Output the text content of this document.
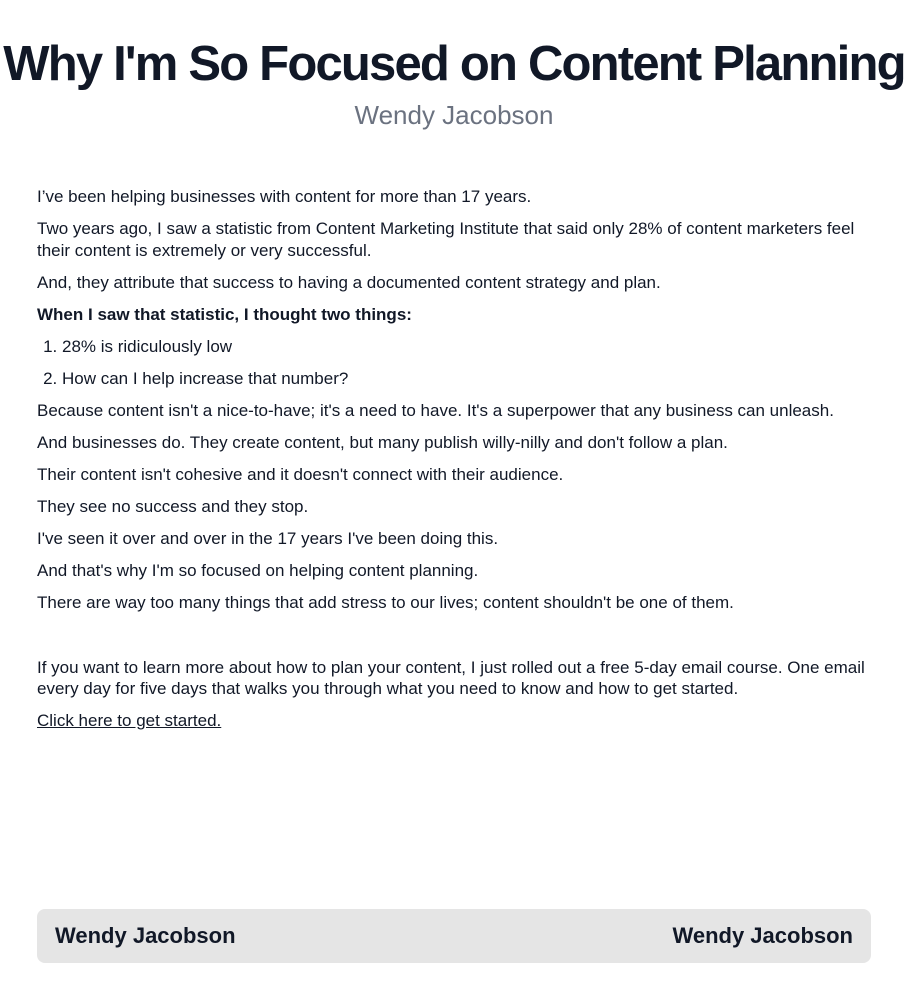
Why I'm So Focused on Content Planning
Wendy Jacobson

I’ve been helping businesses with content for more than 17 years.

Two years ago, I saw a statistic from Content Marketing Institute that said only 28% of content marketers feel their content is extremely or very successful.

And, they attribute that success to having a documented content strategy and plan.

When I saw that statistic, I thought two things:

1. 28% is ridiculously low
2. How can I help increase that number?

Because content isn't a nice-to-have; it's a need to have. It's a superpower that any business can unleash.

And businesses do. They create content, but many publish willy-nilly and don't follow a plan.

Their content isn't cohesive and it doesn't connect with their audience.

They see no success and they stop.

I've seen it over and over in the 17 years I've been doing this.

And that's why I'm so focused on helping content planning.

There are way too many things that add stress to our lives; content shouldn't be one of them.

If you want to learn more about how to plan your content, I just rolled out a free 5-day email course. One email every day for five days that walks you through what you need to know and how to get started.

Click here to get started.

Wendy Jacobson	Wendy Jacobson
